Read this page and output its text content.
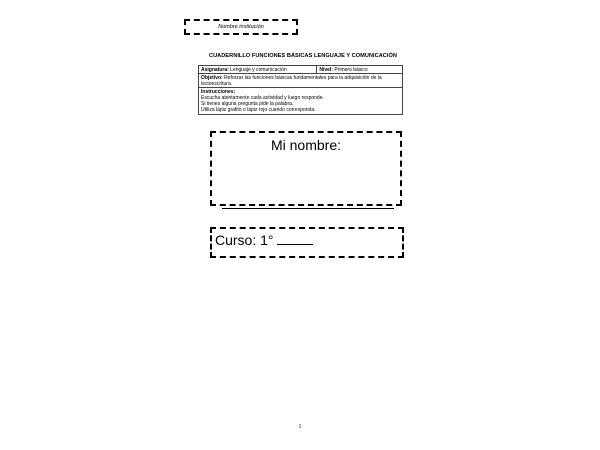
Nombre institución
CUADERNILLO FUNCIONES BÁSICAS LENGUAJE Y COMUNICACIÓN
Asignatura: Lenguaje y comunicación	Nivel: Primero básico
Objetivo: Reforzar las funciones básicas fundamentales para la adquisición de la lectoescritura.
Instrucciones:
Escucha atentamente cada actividad y luego responde.
Si tienes alguna pregunta pide la palabra.
Utiliza lápiz grafito o lápiz rojo cuando corresponda.
Mi nombre:
Curso: 1°
1
